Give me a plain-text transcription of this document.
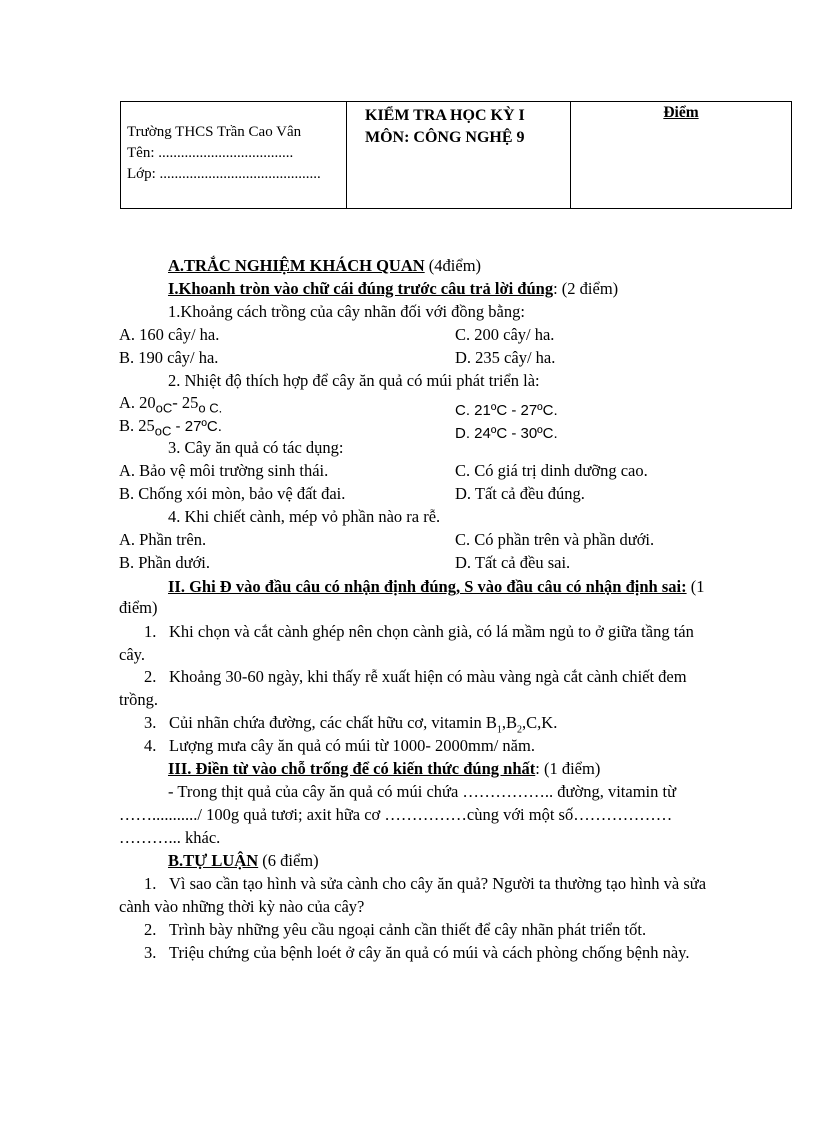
Trường THCS Trần Cao Vân
Tên: ....................................
Lớp: ...........................................
KIỂM TRA HỌC KỲ I
MÔN: CÔNG NGHỆ 9
Điểm
A.TRẮC NGHIỆM KHÁCH QUAN (4điểm)
I.Khoanh tròn vào chữ cái đúng trước câu trả lời đúng: (2 điểm)
1.Khoảng cách trồng của cây nhãn đối với đồng bằng:
A. 160 cây/ ha.	C. 200 cây/ ha.
B. 190 cây/ ha.	D. 235 cây/ ha.
2. Nhiệt độ thích hợp để cây ăn quả có múi phát triển là:
A. $20_{oC}-$ $25_{o C.}$	C. 21ºC - 27ºC.
B. $25_{oC}$ - 27ºC.	D. 24ºC - 30ºC.
3. Cây ăn quả có tác dụng:
A. Bảo vệ môi trường sinh thái.	C. Có giá trị dinh dưỡng cao.
B. Chống xói mòn, bảo vệ đất đai.	D. Tất cả đều đúng.
4. Khi chiết cành, mép vỏ phần nào ra rễ.
A. Phần trên.	C. Có phần trên và phần dưới.
B. Phần dưới.	D. Tất cả đều sai.
II. Ghi Đ vào đầu câu có nhận định đúng, S vào đầu câu có nhận định sai: (1
điểm)
1. Khi chọn và cắt cành ghép nên chọn cành già, có lá mầm ngủ to ở giữa tầng tán
cây.
2. Khoảng 30-60 ngày, khi thấy rễ xuất hiện có màu vàng ngà cắt cành chiết đem
trồng.
3. Củi nhãn chứa đường, các chất hữu cơ, vitamin $B_1,B_2,C,K$.
4. Lượng mưa cây ăn quả có múi từ 1000- 2000mm/ năm.
III. Điền từ vào chỗ trống để có kiến thức đúng nhất: (1 điểm)
- Trong thịt quả của cây ăn quả có múi chứa …………….. đường, vitamin từ
…….........../ 100g quả tươi; axit hữa cơ ……………cùng với một số………………
………... khác.
B.TỰ LUẬN (6 điểm)
1. Vì sao cần tạo hình và sửa cành cho cây ăn quả? Người ta thường tạo hình và sửa
cành vào những thời kỳ nào của cây?
2. Trình bày những yêu cầu ngoại cảnh cần thiết để cây nhãn phát triển tốt.
3. Triệu chứng của bệnh loét ở cây ăn quả có múi và cách phòng chống bệnh này.
